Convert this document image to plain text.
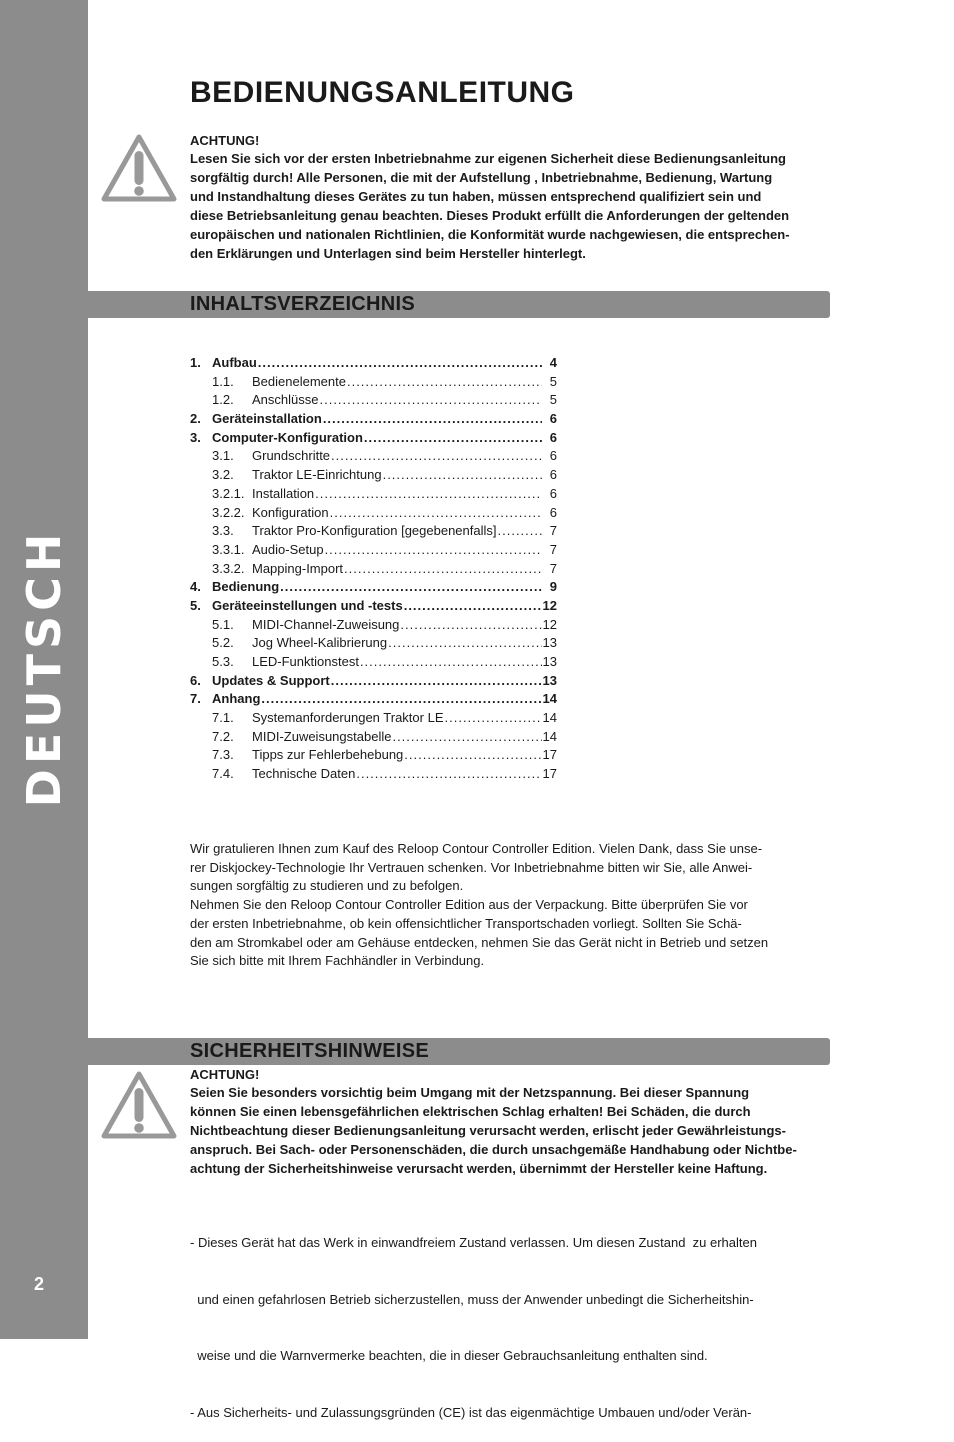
DEUTSCH
2
BEDIENUNGSANLEITUNG
ACHTUNG!
Lesen Sie sich vor der ersten Inbetriebnahme zur eigenen Sicherheit diese Bedienungsanleitung
sorgfältig durch! Alle Personen, die mit der Aufstellung , Inbetriebnahme, Bedienung, Wartung
und Instandhaltung dieses Gerätes zu tun haben, müssen entsprechend qualifiziert sein und
diese Betriebsanleitung genau beachten. Dieses Produkt erfüllt die Anforderungen der geltenden
europäischen und nationalen Richtlinien, die Konformität wurde nachgewiesen, die entsprechen-
den Erklärungen und Unterlagen sind beim Hersteller hinterlegt.
INHALTSVERZEICHNIS
1. Aufbau .....	4
1.1.	Bedienelemente .....	5
1.2.	Anschlüsse .....	5
2. Geräteinstallation .....	6
3. Computer-Konfiguration .....	6
3.1.	Grundschritte .....	6
3.2.	Traktor LE-Einrichtung .....	6
3.2.1. Installation .....	6
3.2.2. Konfiguration .....	6
3.3.	Traktor Pro-Konfiguration [gegebenenfalls] .....	7
3.3.1. Audio-Setup .....	7
3.3.2. Mapping-Import .....	7
4. Bedienung .....	9
5. Geräteeinstellungen und -tests .....	12
5.1.	MIDI-Channel-Zuweisung .....	12
5.2.	Jog Wheel-Kalibrierung .....	13
5.3.	LED-Funktionstest .....	13
6. Updates & Support .....	13
7. Anhang .....	14
7.1.	Systemanforderungen Traktor LE .....	14
7.2.	MIDI-Zuweisungstabelle .....	14
7.3.	Tipps zur Fehlerbehebung .....	17
7.4.	Technische Daten .....	17
Wir gratulieren Ihnen zum Kauf des Reloop Contour Controller Edition. Vielen Dank, dass Sie unse-
rer Diskjockey-Technologie Ihr Vertrauen schenken. Vor Inbetriebnahme bitten wir Sie, alle Anwei-
sungen sorgfältig zu studieren und zu befolgen.
Nehmen Sie den Reloop Contour Controller Edition aus der Verpackung. Bitte überprüfen Sie vor
der ersten Inbetriebnahme, ob kein offensichtlicher Transportschaden vorliegt. Sollten Sie Schä-
den am Stromkabel oder am Gehäuse entdecken, nehmen Sie das Gerät nicht in Betrieb und setzen
Sie sich bitte mit Ihrem Fachhändler in Verbindung.
SICHERHEITSHINWEISE
ACHTUNG!
Seien Sie besonders vorsichtig beim Umgang mit der Netzspannung. Bei dieser Spannung
können Sie einen lebensgefährlichen elektrischen Schlag erhalten! Bei Schäden, die durch
Nichtbeachtung dieser Bedienungsanleitung verursacht werden, erlischt jeder Gewährleistungs-
anspruch. Bei Sach- oder Personenschäden, die durch unsachgemäße Handhabung oder Nichtbe-
achtung der Sicherheitshinweise verursacht werden, übernimmt der Hersteller keine Haftung.

- Dieses Gerät hat das Werk in einwandfreiem Zustand verlassen. Um diesen Zustand  zu erhalten

und einen gefahrlosen Betrieb sicherzustellen, muss der Anwender unbedingt die Sicherheitshin-

weise und die Warnvermerke beachten, die in dieser Gebrauchsanleitung enthalten sind.

- Aus Sicherheits- und Zulassungsgründen (CE) ist das eigenmächtige Umbauen und/oder Verän-
